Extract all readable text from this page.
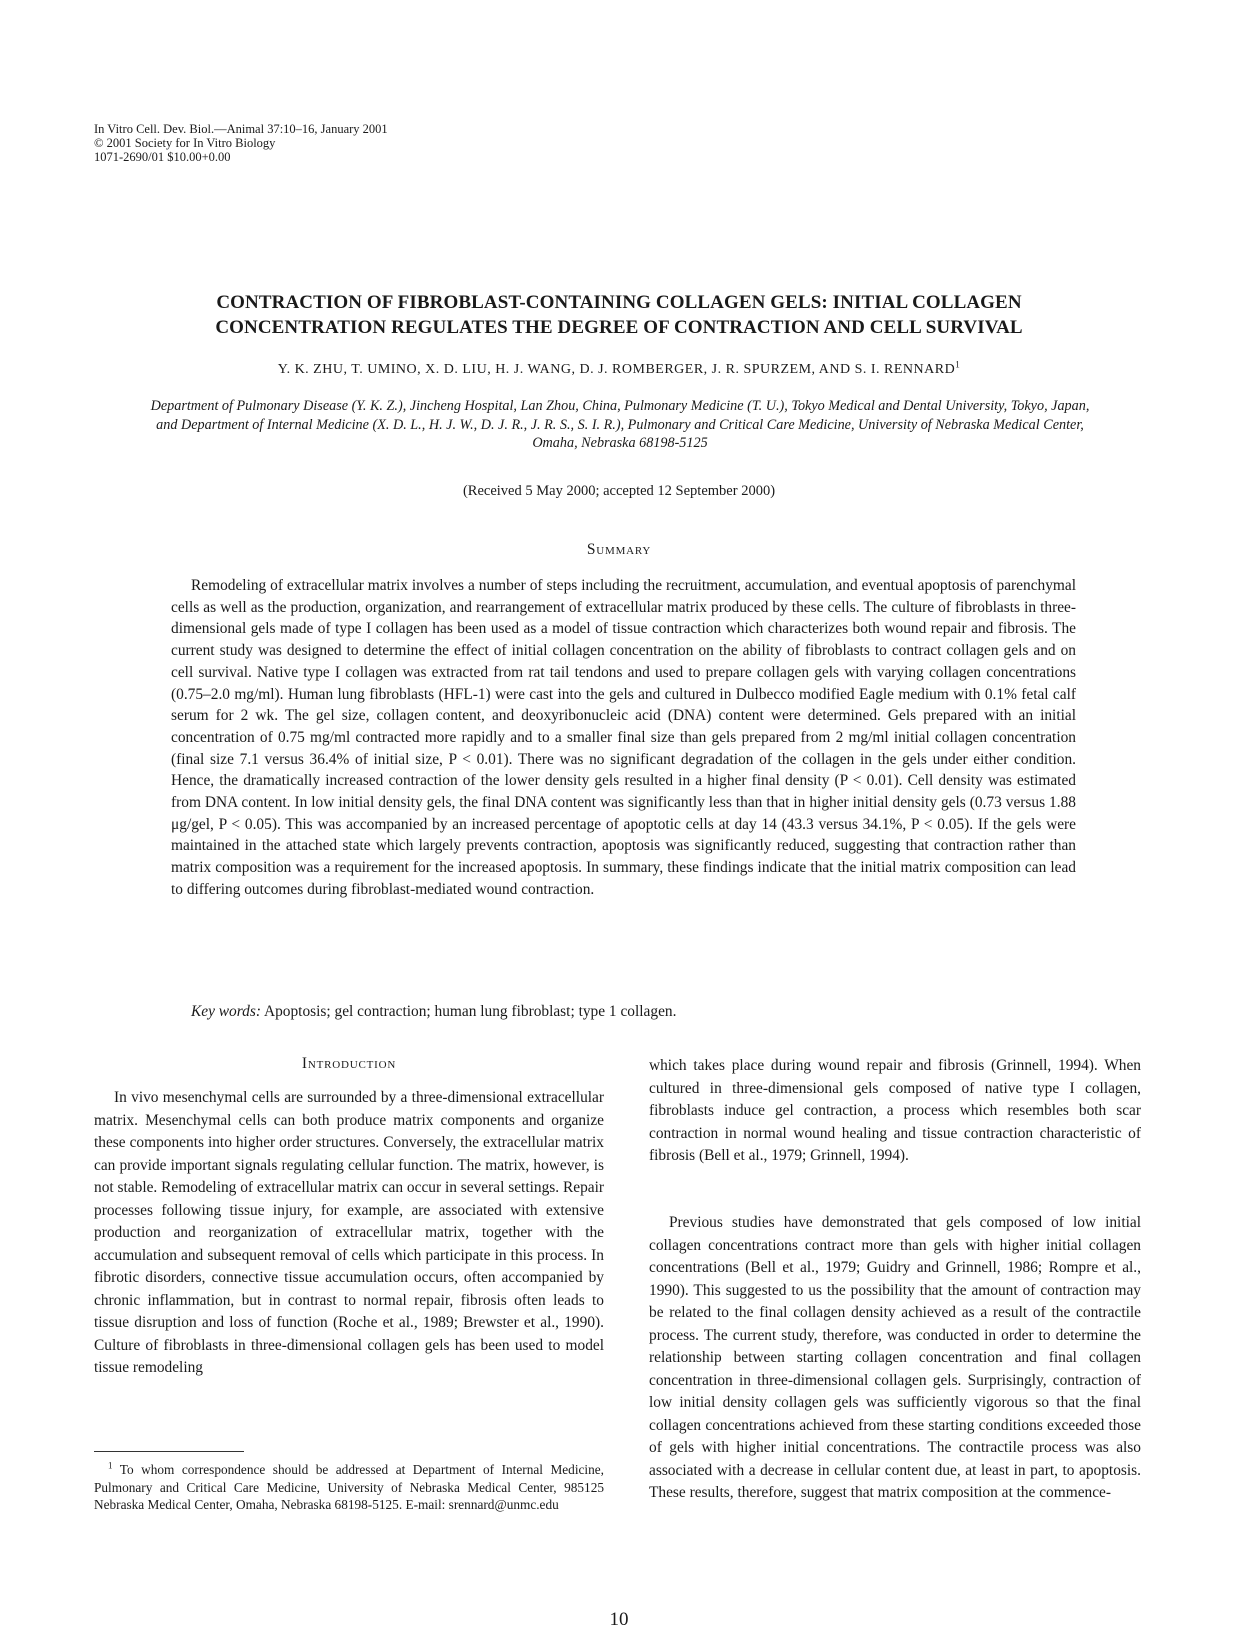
In Vitro Cell. Dev. Biol.—Animal 37:10–16, January 2001
© 2001 Society for In Vitro Biology
1071-2690/01 $10.00+0.00
CONTRACTION OF FIBROBLAST-CONTAINING COLLAGEN GELS: INITIAL COLLAGEN
CONCENTRATION REGULATES THE DEGREE OF CONTRACTION AND CELL SURVIVAL
Y. K. ZHU, T. UMINO, X. D. LIU, H. J. WANG, D. J. ROMBERGER, J. R. SPURZEM, AND S. I. RENNARD$^1$
Department of Pulmonary Disease (Y. K. Z.), Jincheng Hospital, Lan Zhou, China, Pulmonary Medicine (T. U.), Tokyo Medical and Dental University, Tokyo, Japan, and Department of Internal Medicine (X. D. L., H. J. W., D. J. R., J. R. S., S. I. R.), Pulmonary and Critical Care Medicine, University of Nebraska Medical Center, Omaha, Nebraska 68198-5125
(Received 5 May 2000; accepted 12 September 2000)
Summary

Remodeling of extracellular matrix involves a number of steps including the recruitment, accumulation, and eventual apoptosis of parenchymal cells as well as the production, organization, and rearrangement of extracellular matrix produced by these cells. The culture of fibroblasts in three-dimensional gels made of type I collagen has been used as a model of tissue contraction which characterizes both wound repair and fibrosis. The current study was designed to determine the effect of initial collagen concentration on the ability of fibroblasts to contract collagen gels and on cell survival. Native type I collagen was extracted from rat tail tendons and used to prepare collagen gels with varying collagen concentrations (0.75–2.0 mg/ml). Human lung fibroblasts (HFL-1) were cast into the gels and cultured in Dulbecco modified Eagle medium with 0.1% fetal calf serum for 2 wk. The gel size, collagen content, and deoxyribonucleic acid (DNA) content were determined. Gels prepared with an initial concentration of 0.75 mg/ml contracted more rapidly and to a smaller final size than gels prepared from 2 mg/ml initial collagen concentration (final size 7.1 versus 36.4% of initial size, P < 0.01). There was no significant degradation of the collagen in the gels under either condition. Hence, the dramatically increased contraction of the lower density gels resulted in a higher final density (P < 0.01). Cell density was estimated from DNA content. In low initial density gels, the final DNA content was significantly less than that in higher initial density gels (0.73 versus 1.88 μg/gel, P < 0.05). This was accompanied by an increased percentage of apoptotic cells at day 14 (43.3 versus 34.1%, P < 0.05). If the gels were maintained in the attached state which largely prevents contraction, apoptosis was significantly reduced, suggesting that contraction rather than matrix composition was a requirement for the increased apoptosis. In summary, these findings indicate that the initial matrix composition can lead to differing outcomes during fibroblast-mediated wound contraction.

Key words: Apoptosis; gel contraction; human lung fibroblast; type 1 collagen.

Introduction

In vivo mesenchymal cells are surrounded by a three-dimensional extracellular matrix. Mesenchymal cells can both produce matrix components and organize these components into higher order structures. Conversely, the extracellular matrix can provide important signals regulating cellular function. The matrix, however, is not stable. Remodeling of extracellular matrix can occur in several settings. Repair processes following tissue injury, for example, are associated with extensive production and reorganization of extracellular matrix, together with the accumulation and subsequent removal of cells which participate in this process. In fibrotic disorders, connective tissue accumulation occurs, often accompanied by chronic inflammation, but in contrast to normal repair, fibrosis often leads to tissue disruption and loss of function (Roche et al., 1989; Brewster et al., 1990). Culture of fibroblasts in three-dimensional collagen gels has been used to model tissue remodeling

$^1$ To whom correspondence should be addressed at Department of Internal Medicine, Pulmonary and Critical Care Medicine, University of Nebraska Medical Center, 985125 Nebraska Medical Center, Omaha, Nebraska 68198-5125. E-mail: srennard@unmc.edu

which takes place during wound repair and fibrosis (Grinnell, 1994). When cultured in three-dimensional gels composed of native type I collagen, fibroblasts induce gel contraction, a process which resembles both scar contraction in normal wound healing and tissue contraction characteristic of fibrosis (Bell et al., 1979; Grinnell, 1994).

Previous studies have demonstrated that gels composed of low initial collagen concentrations contract more than gels with higher initial collagen concentrations (Bell et al., 1979; Guidry and Grinnell, 1986; Rompre et al., 1990). This suggested to us the possibility that the amount of contraction may be related to the final collagen density achieved as a result of the contractile process. The current study, therefore, was conducted in order to determine the relationship between starting collagen concentration and final collagen concentration in three-dimensional collagen gels. Surprisingly, contraction of low initial density collagen gels was sufficiently vigorous so that the final collagen concentrations achieved from these starting conditions exceeded those of gels with higher initial concentrations. The contractile process was also associated with a decrease in cellular content due, at least in part, to apoptosis. These results, therefore, suggest that matrix composition at the commence-

10
